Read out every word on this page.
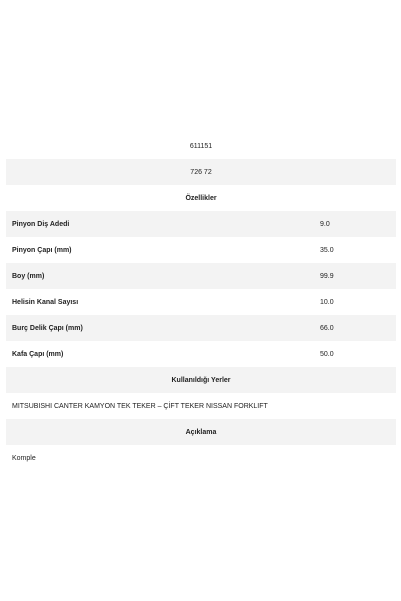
611151	
726 72	
Özellikler	
Pinyon Diş Adedi	9.0
Pinyon Çapı (mm)	35.0
Boy (mm)	99.9
Helisin Kanal Sayısı	10.0
Burç Delik Çapı (mm)	66.0
Kafa Çapı (mm)	50.0
Kullanıldığı Yerler	
MITSUBISHI CANTER KAMYON TEK TEKER – ÇİFT TEKER NISSAN FORKLIFT	
Açıklama	
Komple	
